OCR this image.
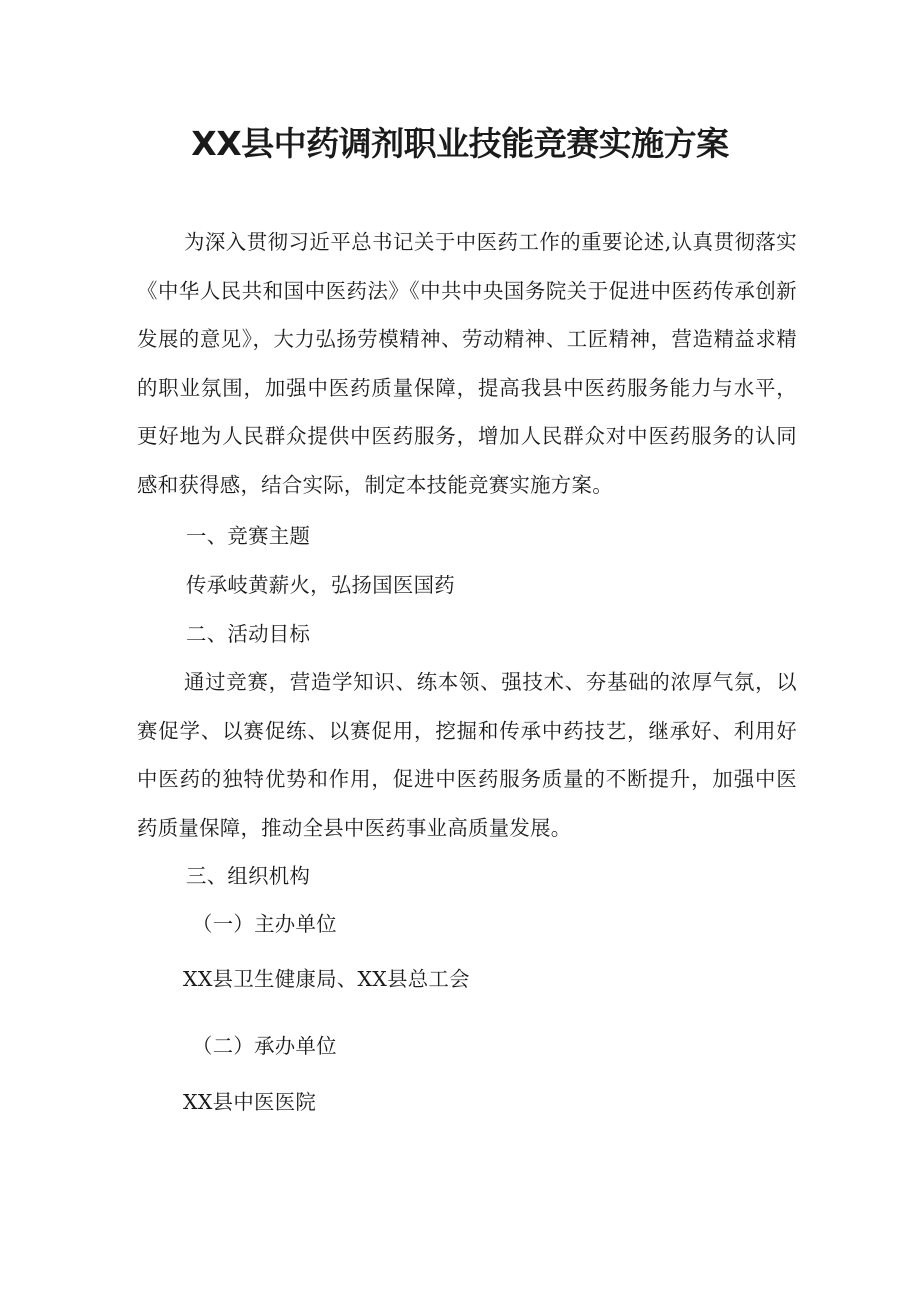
XX县中药调剂职业技能竞赛实施方案

为深入贯彻习近平总书记关于中医药工作的重要论述,认真贯彻落实《中华人民共和国中医药法》《中共中央国务院关于促进中医药传承创新发展的意见》，大力弘扬劳模精神、劳动精神、工匠精神，营造精益求精的职业氛围，加强中医药质量保障，提高我县中医药服务能力与水平，更好地为人民群众提供中医药服务，增加人民群众对中医药服务的认同感和获得感，结合实际，制定本技能竞赛实施方案。

一、竞赛主题

传承岐黄薪火，弘扬国医国药

二、活动目标

通过竞赛，营造学知识、练本领、强技术、夯基础的浓厚气氛，以赛促学、以赛促练、以赛促用，挖掘和传承中药技艺，继承好、利用好中医药的独特优势和作用，促进中医药服务质量的不断提升，加强中医药质量保障，推动全县中医药事业高质量发展。

三、组织机构

（一）主办单位

XX县卫生健康局、XX县总工会

（二）承办单位

XX县中医医院
